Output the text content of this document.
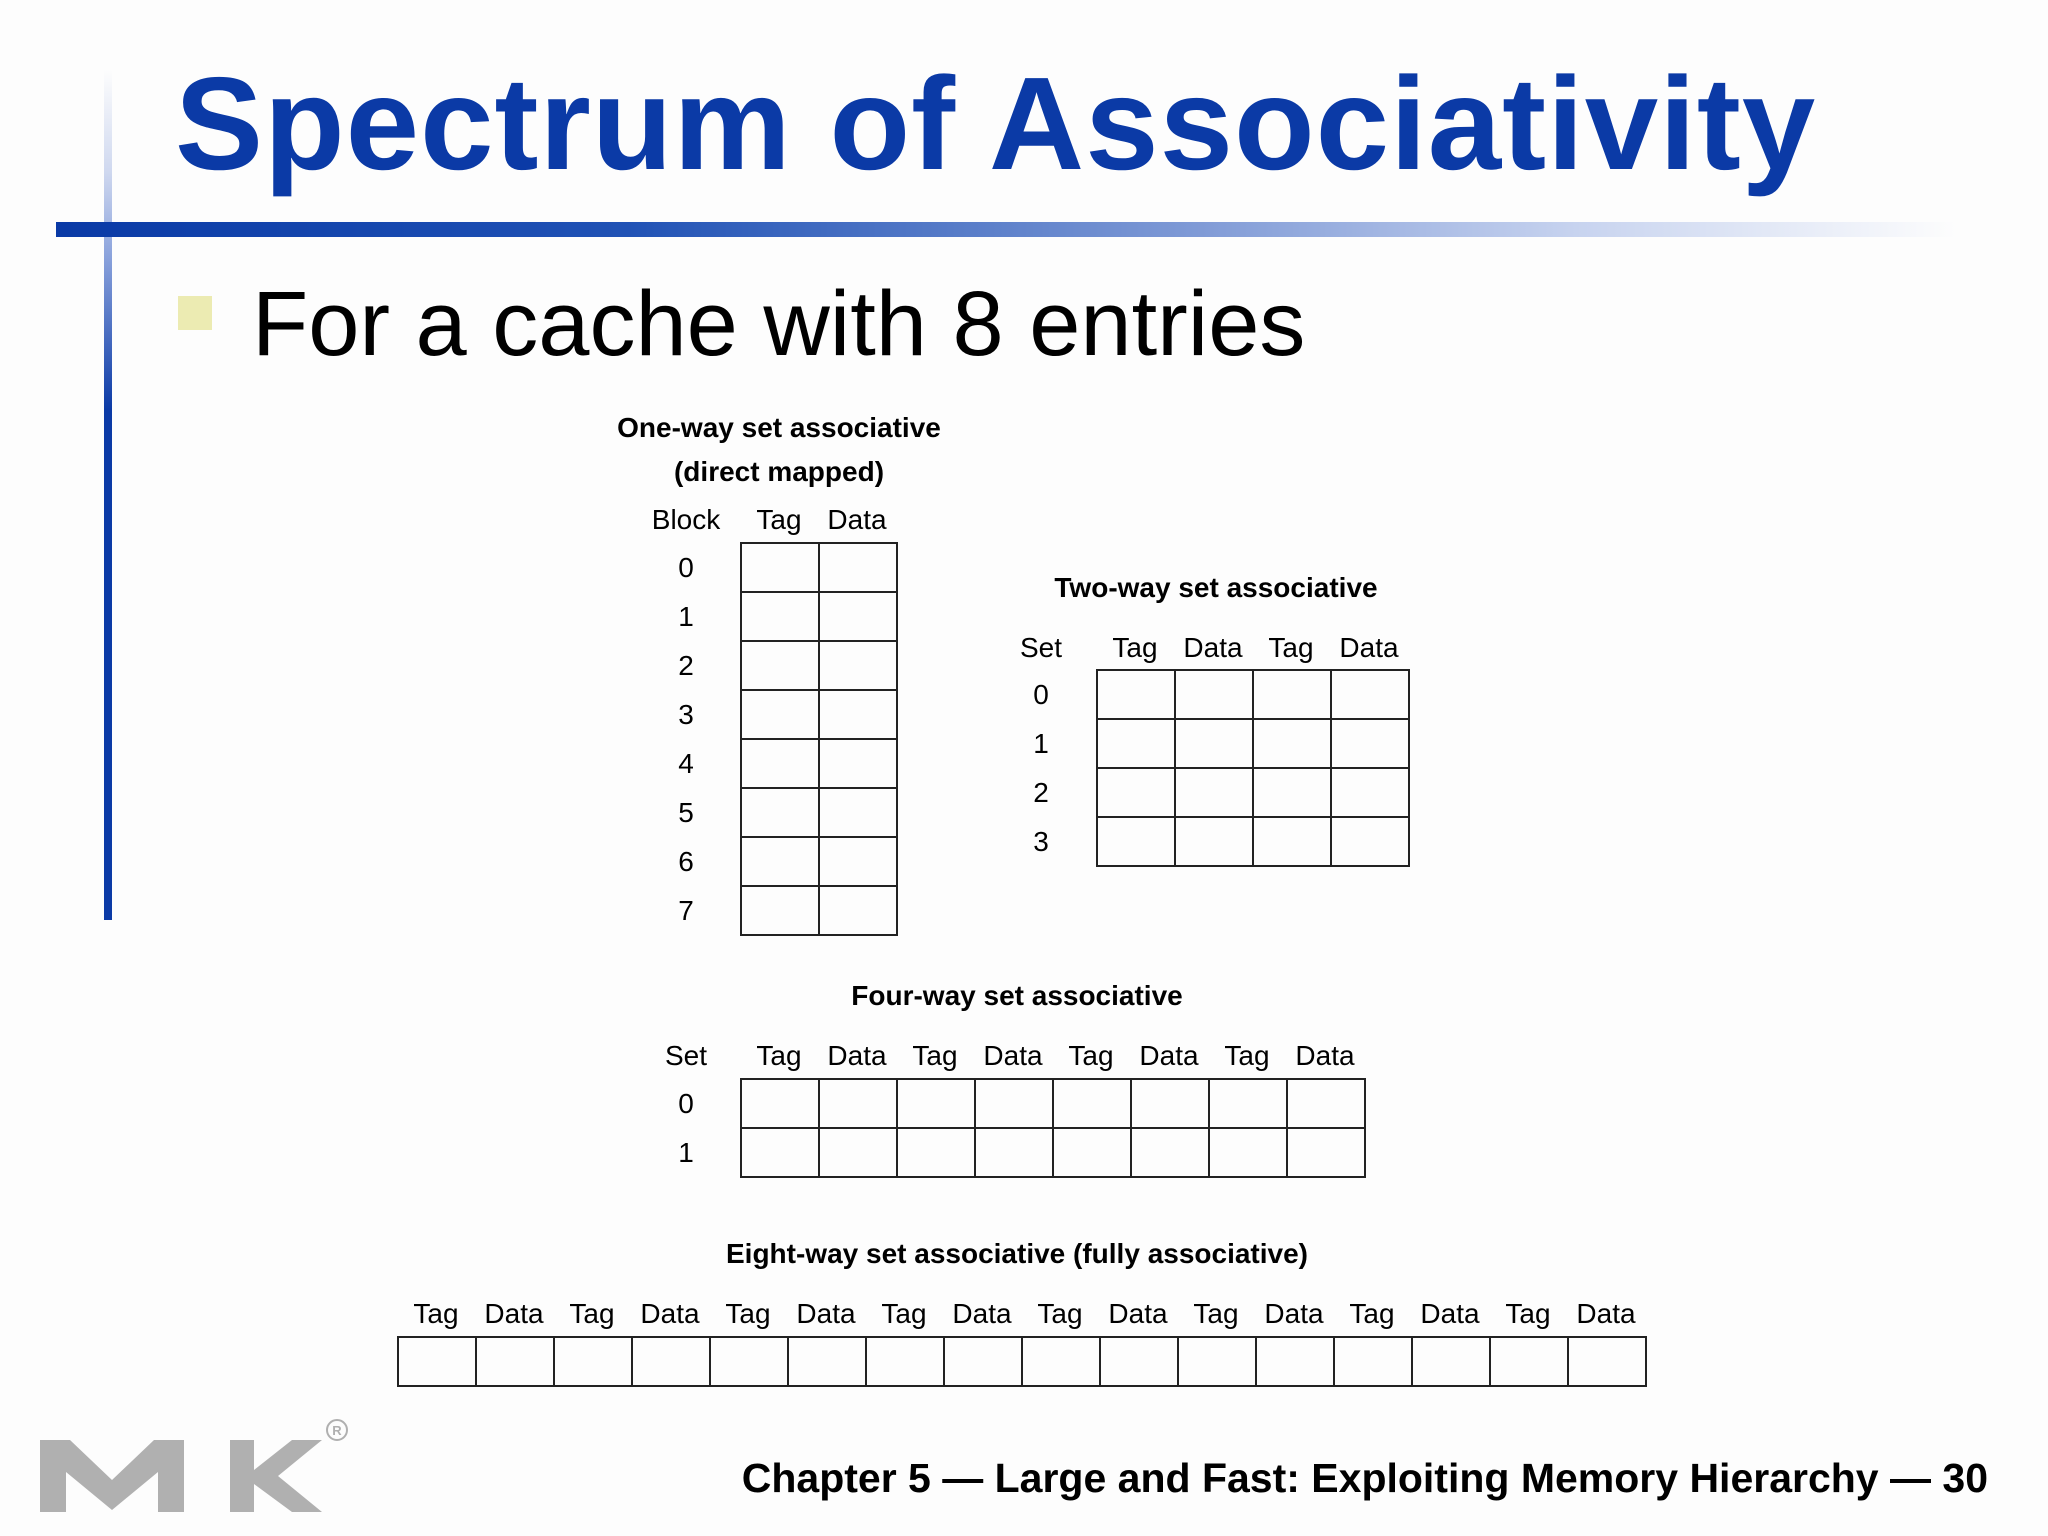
Spectrum of Associativity
For a cache with 8 entries
One-way set associative
(direct mapped)
Block Tag Data
0
1
2
3
4
5
6
7

Two-way set associative
Set Tag Data Tag Data
0
1
2
3

Four-way set associative
Set Tag Data Tag Data Tag Data Tag Data
0
1

Eight-way set associative (fully associative)
Tag Data Tag Data Tag Data Tag Data Tag Data Tag Data Tag Data Tag Data

Chapter 5 — Large and Fast: Exploiting Memory Hierarchy — 30
R
